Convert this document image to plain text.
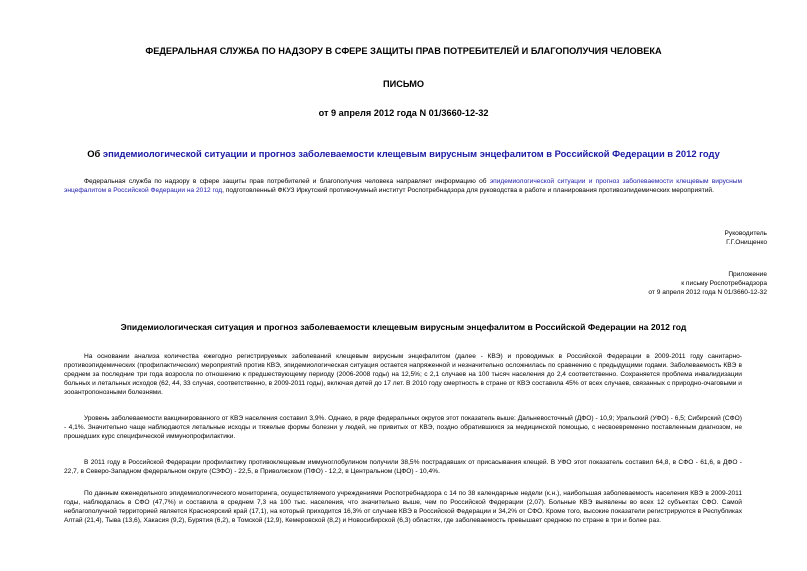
ФЕДЕРАЛЬНАЯ СЛУЖБА ПО НАДЗОРУ В СФЕРЕ ЗАЩИТЫ ПРАВ ПОТРЕБИТЕЛЕЙ И БЛАГОПОЛУЧИЯ ЧЕЛОВЕКА
ПИСЬМО
от 9 апреля 2012 года N 01/3660-12-32
Об эпидемиологической ситуации и прогноз заболеваемости клещевым вирусным энцефалитом в Российской Федерации в 2012 году
Федеральная служба по надзору в сфере защиты прав потребителей и благополучия человека направляет информацию об эпидемиологической ситуации и прогноз заболеваемости клещевым вирусным энцефалитом в Российской Федерации на 2012 год, подготовленный ФКУЗ Иркутский противочумный институт Роспотребнадзора для руководства в работе и планирования противоэпидемических мероприятий.
Руководитель
Г.Г.Онищенко
Приложение
к письму Роспотребнадзора
от 9 апреля 2012 года N 01/3660-12-32
Эпидемиологическая ситуация и прогноз заболеваемости клещевым вирусным энцефалитом в Российской Федерации на 2012 год
На основании анализа количества ежегодно регистрируемых заболеваний клещевым вирусным энцефалитом (далее - КВЭ) и проводимых в Российской Федерации в 2009-2011 году санитарно-противоэпидемических (профилактических) мероприятий против КВЭ, эпидемиологическая ситуация остается напряженной и незначительно осложнилась по сравнению с предыдущими годами. Заболеваемость КВЭ в среднем за последние три года возросла по отношению к предшествующему периоду (2006-2008 годы) на 12,5%; с 2,1 случаев на 100 тысяч населения до 2,4 соответственно. Сохраняется проблема инвалидизации больных и летальных исходов (62, 44, 33 случая, соответственно, в 2009-2011 годы), включая детей до 17 лет. В 2010 году смертность в стране от КВЭ составила 45% от всех случаев, связанных с природно-очаговыми и зооантропонозными болезнями.
Уровень заболеваемости вакцинированного от КВЭ населения составил 3,9%. Однако, в ряде федеральных округов этот показатель выше: Дальневосточный (ДФО) - 10,9; Уральский (УФО) - 6,5; Сибирский (СФО) - 4,1%. Значительно чаще наблюдаются летальные исходы и тяжелые формы болезни у людей, не привитых от КВЭ, поздно обратившихся за медицинской помощью, с несвоевременно поставленным диагнозом, не прошедших курс специфической иммунопрофилактики.
В 2011 году в Российской Федерации профилактику противоклещевым иммуноглобулином получили 38,5% пострадавших от присасывания клещей. В УФО этот показатель составил 64,8, в СФО - 61,6, в ДФО - 22,7, в Северо-Западном федеральном округе (СЗФО) - 22,5, в Приволжском (ПФО) - 12,2, в Центральном (ЦФО) - 10,4%.
По данным еженедельного эпидемиологического мониторинга, осуществляемого учреждениями Роспотребнадзора с 14 по 38 календарные недели (к.н.), наибольшая заболеваемость населения КВЭ в 2009-2011 годы, наблюдалась в СФО (47,7%) и составила в среднем 7,3 на 100 тыс. населения, что значительно выше, чем по Российской Федерации (2,07). Больные КВЭ выявлены во всех 12 субъектах СФО. Самой неблагополучной территорией является Красноярский край (17,1), на который приходится 16,3% от случаев КВЭ в Российской Федерации и 34,2% от СФО. Кроме того, высокие показатели регистрируются в Республиках Алтай (21,4), Тыва (13,6), Хакасия (9,2), Бурятия (6,2), в Томской (12,9), Кемеровской (8,2) и Новосибирской (6,3) областях, где заболеваемость превышает среднюю по стране в три и более раз.
